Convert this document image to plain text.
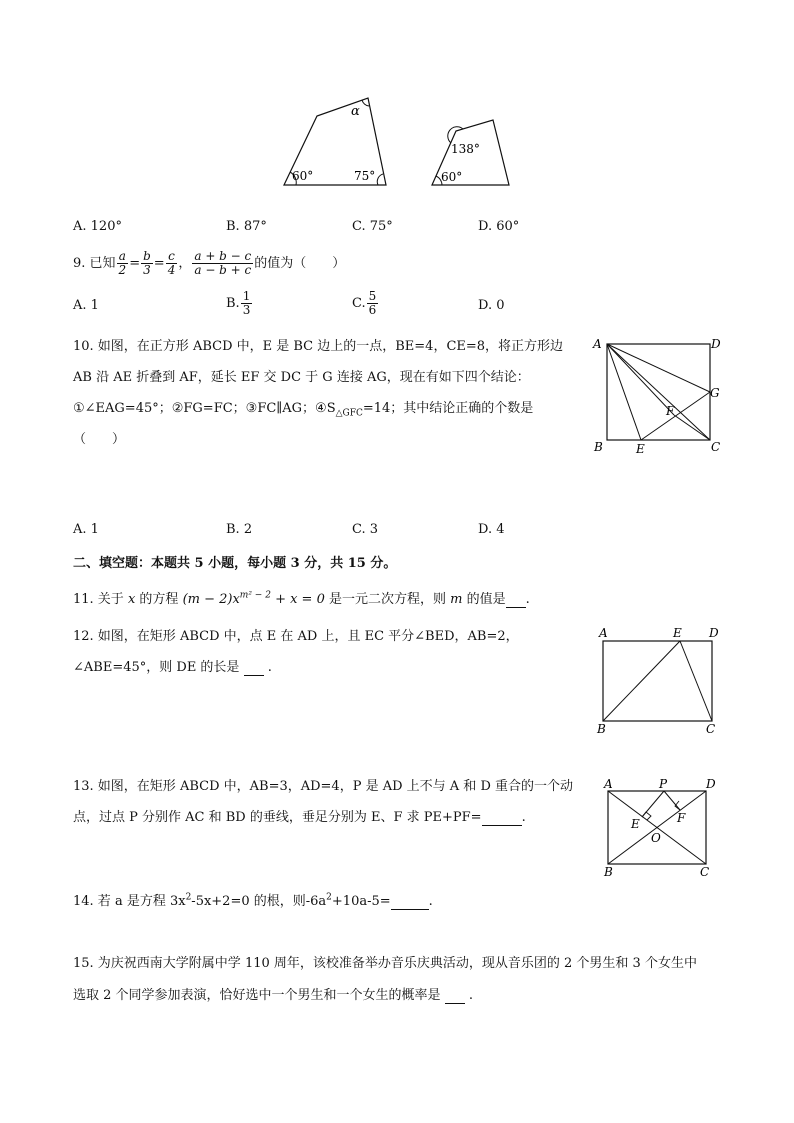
α
60°	75°
138°
60°
A. 120°	B. 87°	C. 75°	D. 60°
9. 已知 $\frac{a}{2} = \frac{b}{3} = \frac{c}{4}$ ， $\frac{a + b - c}{a - b + c}$ 的值为（　　）
A. 1	B. $\frac{1}{3}$	C. $\frac{5}{6}$	D. 0
10. 如图，在正方形 ABCD 中，E 是 BC 边上的一点，BE=4，CE=8，将正方形边
AB 沿 AE 折叠到 AF，延长 EF 交 DC 于 G 连接 AG，现在有如下四个结论：
①∠EAG=45°；②FG=FC；③FC∥AG；$④S_{\triangle GFC}=14$；其中结论正确的个数是
（　　）
A	D
G
F
B	E	C
A. 1	B. 2	C. 3	D. 4
二、填空题：本题共 5 小题，每小题 3 分，共 15 分。
11. 关于 x 的方程 $(m - 2)x^{m^2 - 2} + x = 0$ 是一元二次方程，则 m 的值是 .
12. 如图，在矩形 ABCD 中，点 E 在 AD 上，且 EC 平分∠BED，AB=2，
∠ABE=45°，则 DE 的长是 .
A	E D
B	C
13. 如图，在矩形 ABCD 中，AB=3，AD=4，P 是 AD 上不与 A 和 D 重合的一个动
点，过点 P 分别作 AC 和 BD 的垂线，垂足分别为 E、F 求 PE+PF=	.
A	P	D
E	F
O
B	C
14. 若 a 是方程 $3x^2-5x+2=0$ 的根，则$-6a^2+10a-5=$	.
15. 为庆祝西南大学附属中学 110 周年，该校准备举办音乐庆典活动，现从音乐团的 2 个男生和 3 个女生中
选取 2 个同学参加表演，恰好选中一个男生和一个女生的概率是 .
